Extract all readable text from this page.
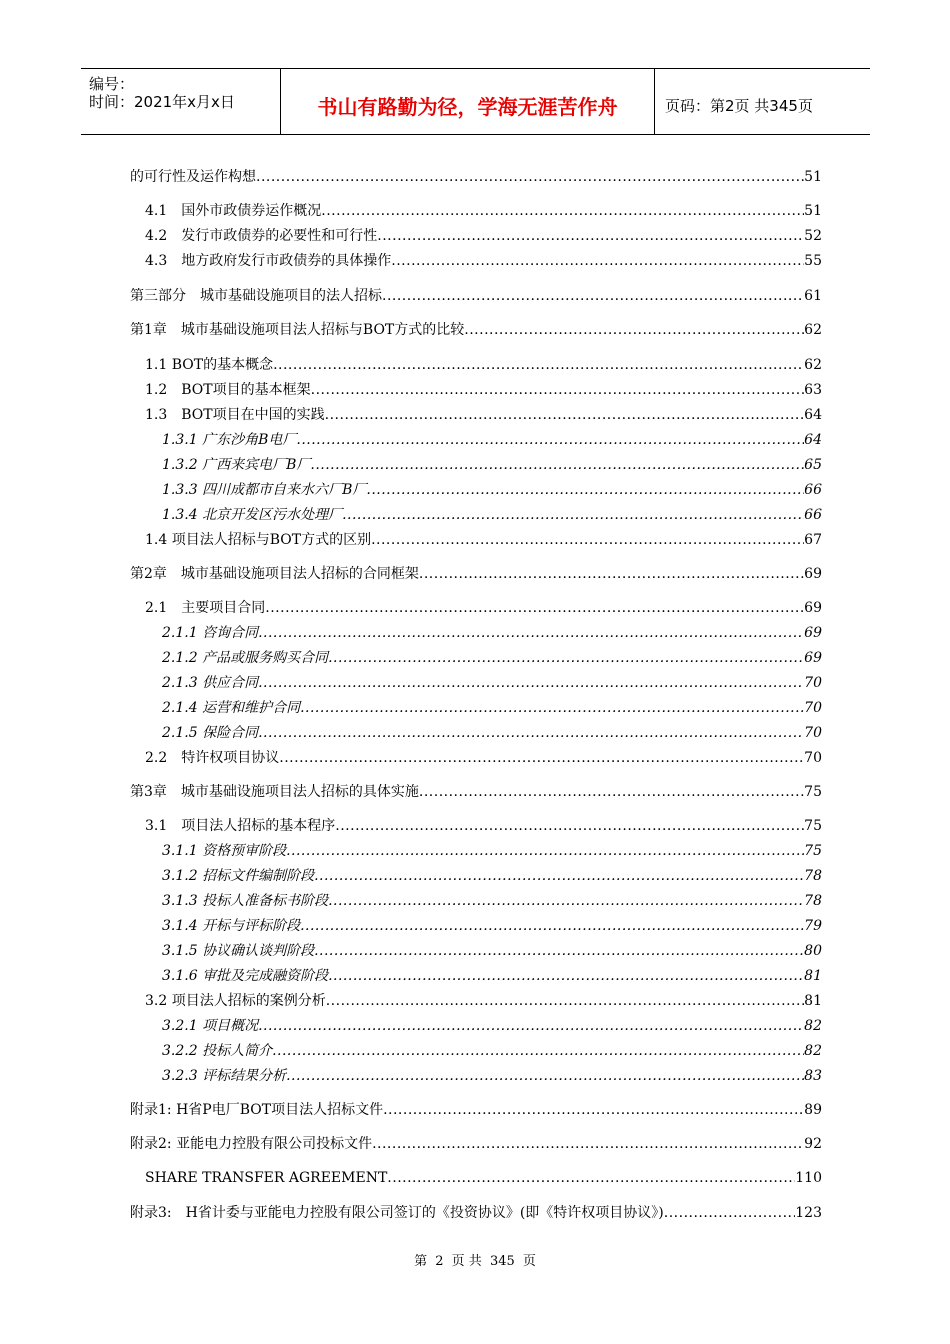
编号：
时间：2021年x月x日	书山有路勤为径，学海无涯苦作舟	页码：第2页 共345页
的可行性及运作构想 .....	51
4.1　国外市政债券运作概况 .....	51
4.2　发行市政债券的必要性和可行性 .....	52
4.3　地方政府发行市政债券的具体操作 .....	55
第三部分　城市基础设施项目的法人招标 .....	61
第1章　城市基础设施项目法人招标与BOT方式的比较 .....	62
1.1 BOT的基本概念 .....	62
1.2　BOT项目的基本框架 .....	63
1.3　BOT项目在中国的实践 .....	64
1.3.1 广东沙角B电厂 .....	64
1.3.2 广西来宾电厂B厂 .....	65
1.3.3 四川成都市自来水六厂B厂 .....	66
1.3.4 北京开发区污水处理厂 .....	66
1.4 项目法人招标与BOT方式的区别 .....	67
第2章　城市基础设施项目法人招标的合同框架 .....	69
2.1　主要项目合同 .....	69
2.1.1 咨询合同 .....	69
2.1.2 产品或服务购买合同 .....	69
2.1.3 供应合同 .....	70
2.1.4 运营和维护合同 .....	70
2.1.5 保险合同 .....	70
2.2　特许权项目协议 .....	70
第3章　城市基础设施项目法人招标的具体实施 .....	75
3.1　项目法人招标的基本程序 .....	75
3.1.1 资格预审阶段 .....	75
3.1.2 招标文件编制阶段 .....	78
3.1.3 投标人准备标书阶段 .....	78
3.1.4 开标与评标阶段 .....	79
3.1.5 协议确认谈判阶段 .....	80
3.1.6 审批及完成融资阶段 .....	81
3.2 项目法人招标的案例分析 .....	81
3.2.1 项目概况 .....	82
3.2.2 投标人简介 .....	82
3.2.3 评标结果分析 .....	83
附录1: H省P电厂BOT项目法人招标文件 .....	89
附录2: 亚能电力控股有限公司投标文件 .....	92
SHARE TRANSFER AGREEMENT .....	110
附录3:　H省计委与亚能电力控股有限公司签订的《投资协议》(即《特许权项目协议》) .....	123
第 2 页 共 345 页
